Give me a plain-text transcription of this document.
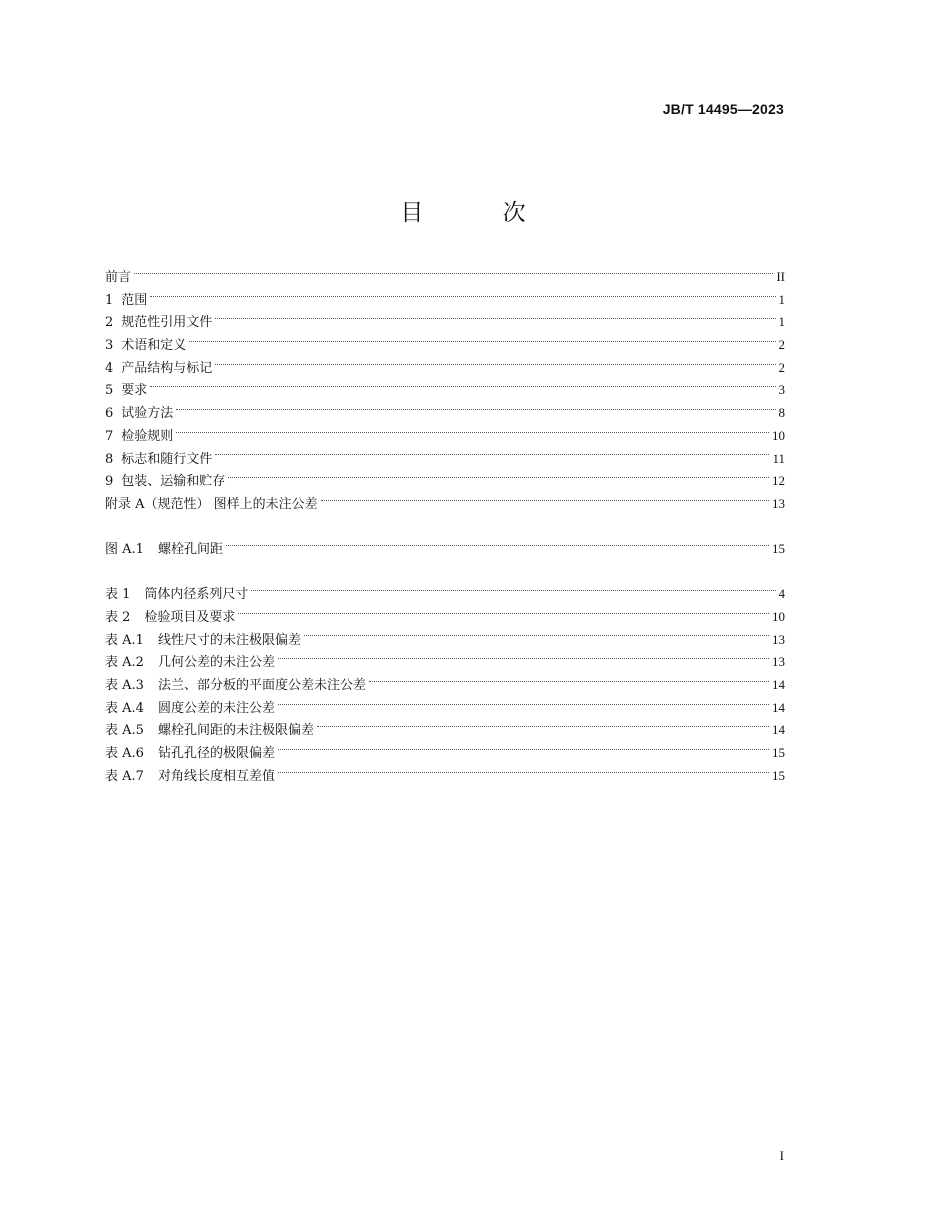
JB/T 14495—2023
目 次
前言	II
1 范围	1
2 规范性引用文件	1
3 术语和定义	2
4 产品结构与标记	2
5 要求	3
6 试验方法	8
7 检验规则	10
8 标志和随行文件	11
9 包装、运输和贮存	12
附录 A（规范性） 图样上的未注公差	13
图 A.1	螺栓孔间距	15
表 1	筒体内径系列尺寸	4
表 2	检验项目及要求	10
表 A.1	线性尺寸的未注极限偏差	13
表 A.2	几何公差的未注公差	13
表 A.3	法兰、部分板的平面度公差未注公差	14
表 A.4	圆度公差的未注公差	14
表 A.5	螺栓孔间距的未注极限偏差	14
表 A.6	钻孔孔径的极限偏差	15
表 A.7	对角线长度相互差值	15
I
